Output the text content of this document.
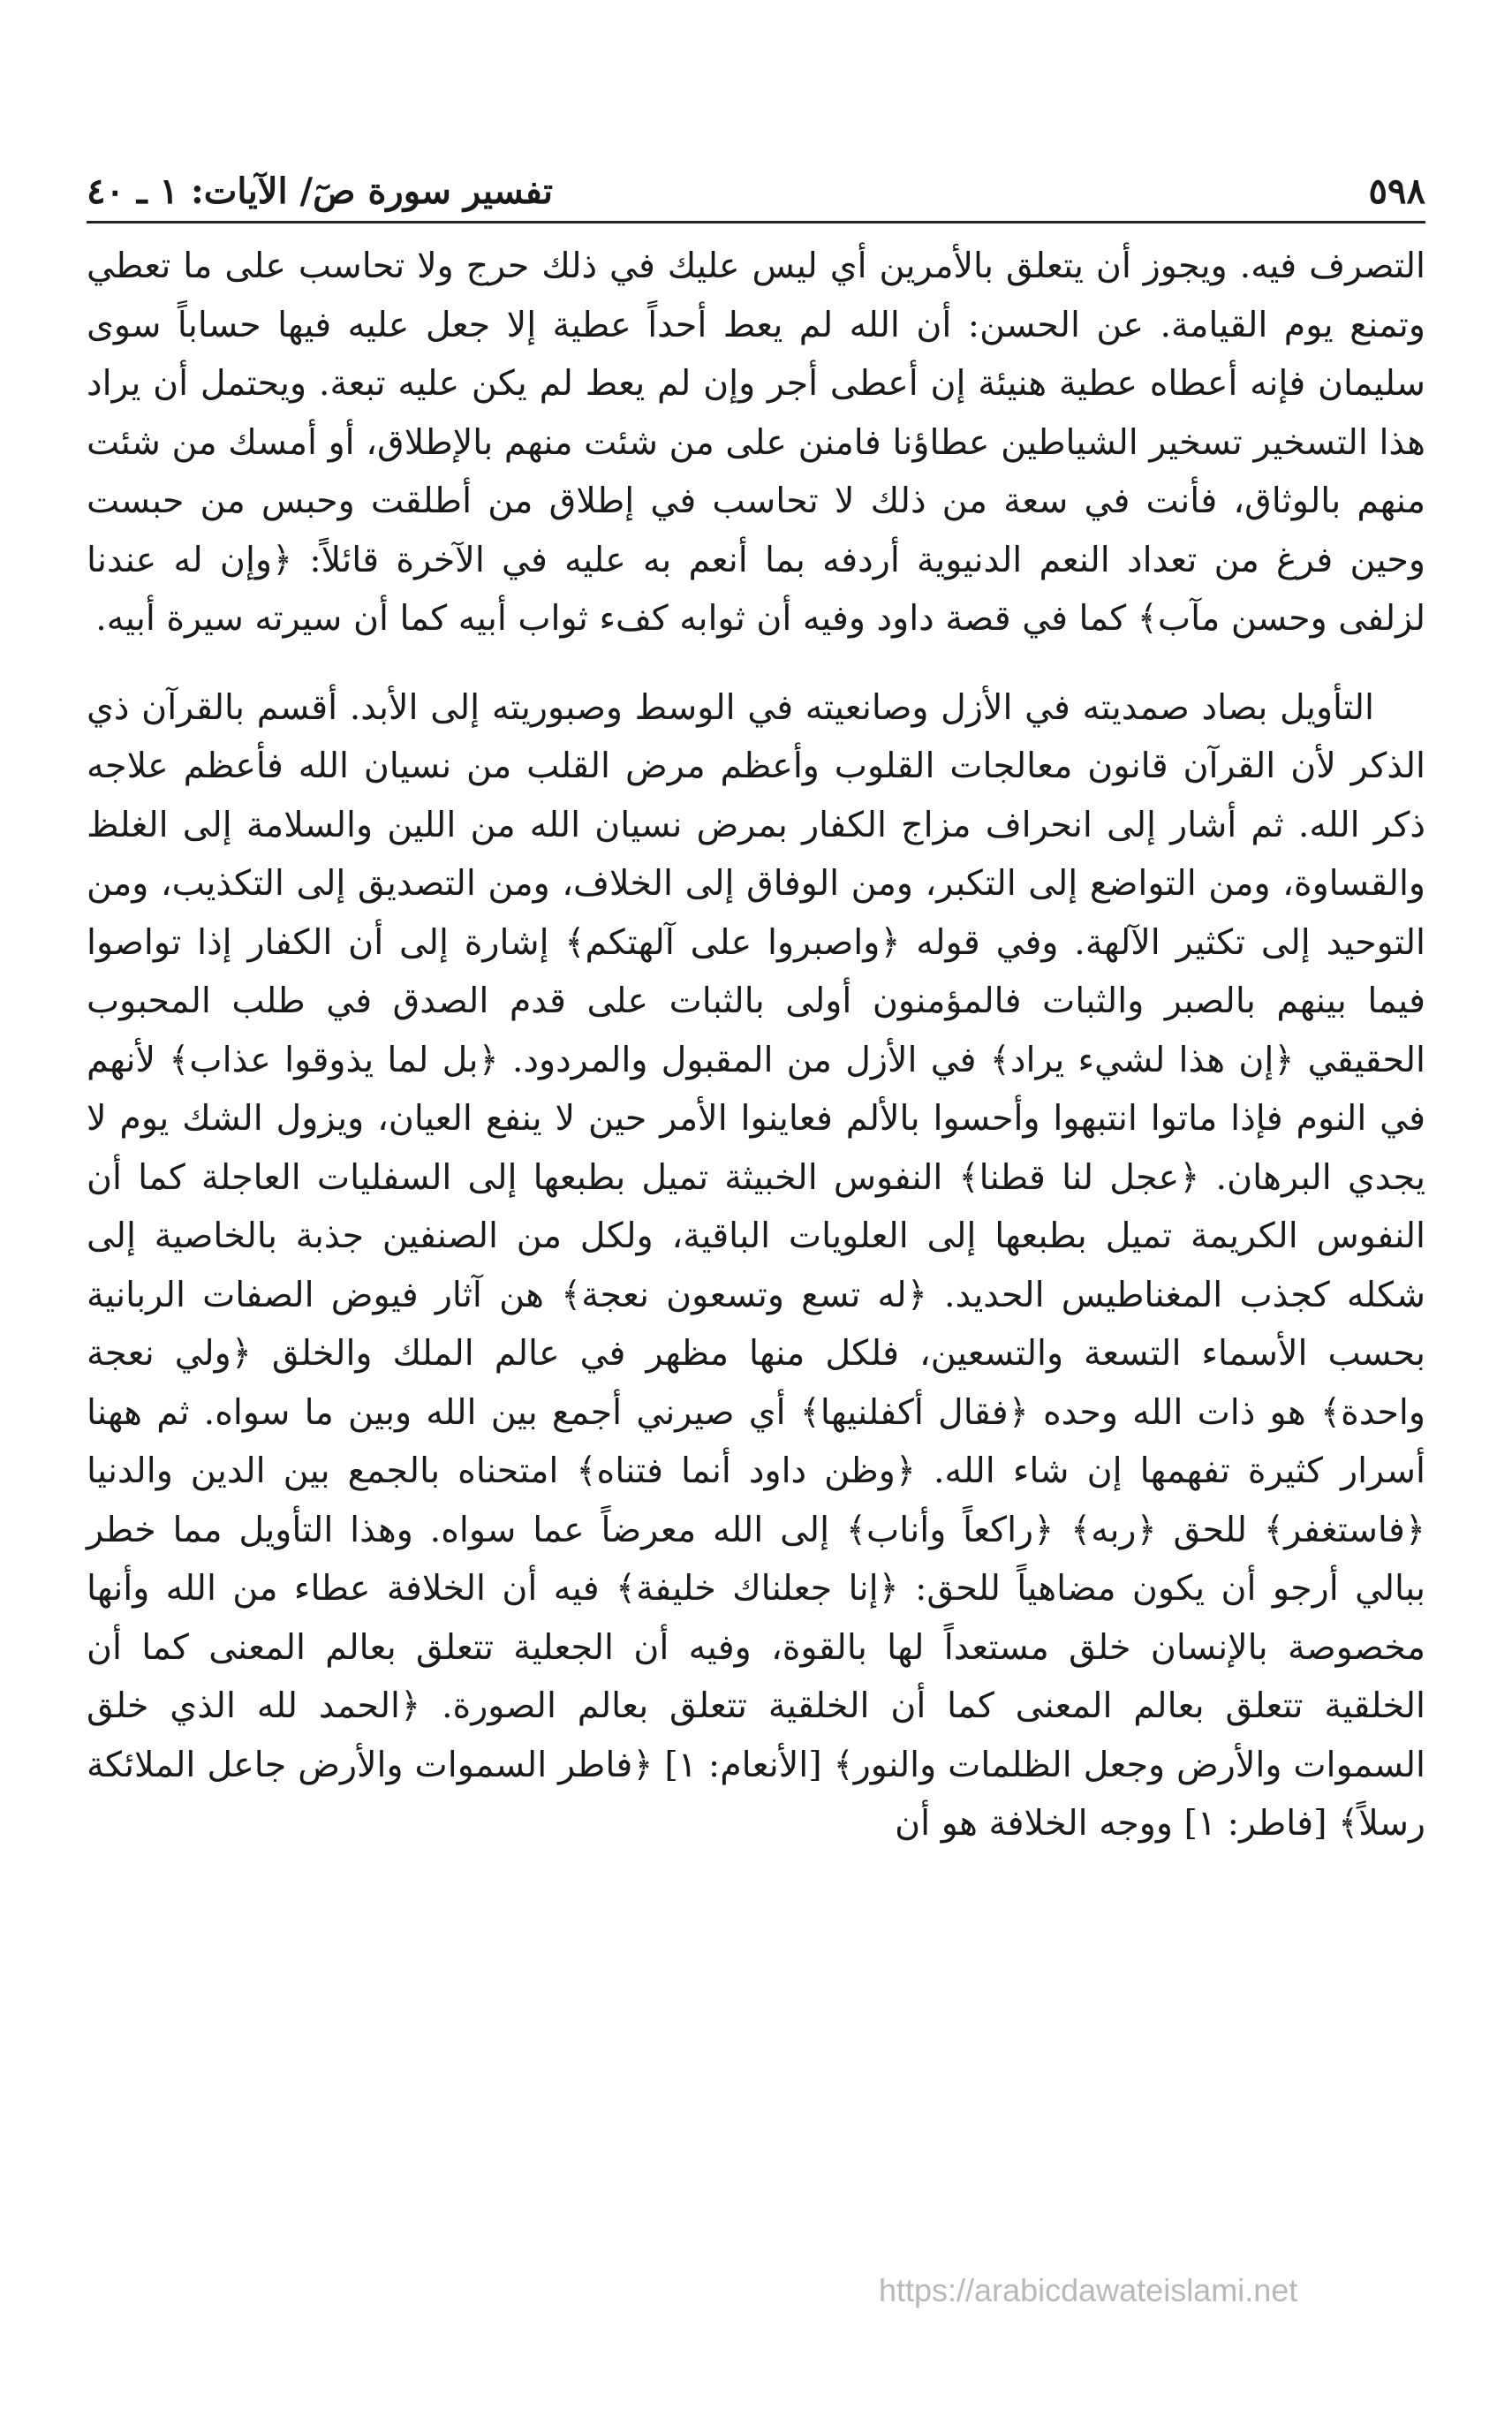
٥٩٨
تفسير سورة صٓ/ الآيات: ١ ـ ٤٠

التصرف فيه. ويجوز أن يتعلق بالأمرين أي ليس عليك في ذلك حرج ولا تحاسب على ما تعطي وتمنع يوم القيامة. عن الحسن: أن الله لم يعط أحداً عطية إلا جعل عليه فيها حساباً سوى سليمان فإنه أعطاه عطية هنيئة إن أعطى أجر وإن لم يعط لم يكن عليه تبعة. ويحتمل أن يراد هذا التسخير تسخير الشياطين عطاؤنا فامنن على من شئت منهم بالإطلاق، أو أمسك من شئت منهم بالوثاق، فأنت في سعة من ذلك لا تحاسب في إطلاق من أطلقت وحبس من حبست وحين فرغ من تعداد النعم الدنيوية أردفه بما أنعم به عليه في الآخرة قائلاً: ﴿وإن له عندنا لزلفى وحسن مآب﴾ كما في قصة داود وفيه أن ثوابه كفء ثواب أبيه كما أن سيرته سيرة أبيه.

التأويل بصاد صمديته في الأزل وصانعيته في الوسط وصبوريته إلى الأبد. أقسم بالقرآن ذي الذكر لأن القرآن قانون معالجات القلوب وأعظم مرض القلب من نسيان الله فأعظم علاجه ذكر الله. ثم أشار إلى انحراف مزاج الكفار بمرض نسيان الله من اللين والسلامة إلى الغلظ والقساوة، ومن التواضع إلى التكبر، ومن الوفاق إلى الخلاف، ومن التصديق إلى التكذيب، ومن التوحيد إلى تكثير الآلهة. وفي قوله ﴿واصبروا على آلهتكم﴾ إشارة إلى أن الكفار إذا تواصوا فيما بينهم بالصبر والثبات فالمؤمنون أولى بالثبات على قدم الصدق في طلب المحبوب الحقيقي ﴿إن هذا لشيء يراد﴾ في الأزل من المقبول والمردود. ﴿بل لما يذوقوا عذاب﴾ لأنهم في النوم فإذا ماتوا انتبهوا وأحسوا بالألم فعاينوا الأمر حين لا ينفع العيان، ويزول الشك يوم لا يجدي البرهان. ﴿عجل لنا قطنا﴾ النفوس الخبيثة تميل بطبعها إلى السفليات العاجلة كما أن النفوس الكريمة تميل بطبعها إلى العلويات الباقية، ولكل من الصنفين جذبة بالخاصية إلى شكله كجذب المغناطيس الحديد. ﴿له تسع وتسعون نعجة﴾ هن آثار فيوض الصفات الربانية بحسب الأسماء التسعة والتسعين، فلكل منها مظهر في عالم الملك والخلق ﴿ولي نعجة واحدة﴾ هو ذات الله وحده ﴿فقال أكفلنيها﴾ أي صيرني أجمع بين الله وبين ما سواه. ثم ههنا أسرار كثيرة تفهمها إن شاء الله. ﴿وظن داود أنما فتناه﴾ امتحناه بالجمع بين الدين والدنيا ﴿فاستغفر﴾ للحق ﴿ربه﴾ ﴿راكعاً وأناب﴾ إلى الله معرضاً عما سواه. وهذا التأويل مما خطر ببالي أرجو أن يكون مضاهياً للحق: ﴿إنا جعلناك خليفة﴾ فيه أن الخلافة عطاء من الله وأنها مخصوصة بالإنسان خلق مستعداً لها بالقوة، وفيه أن الجعلية تتعلق بعالم المعنى كما أن الخلقية تتعلق بعالم المعنى كما أن الخلقية تتعلق بعالم الصورة. ﴿الحمد لله الذي خلق السموات والأرض وجعل الظلمات والنور﴾ [الأنعام: ١] ﴿فاطر السموات والأرض جاعل الملائكة رسلاً﴾ [فاطر: ١] ووجه الخلافة هو أن

https://arabicdawateislami.net
